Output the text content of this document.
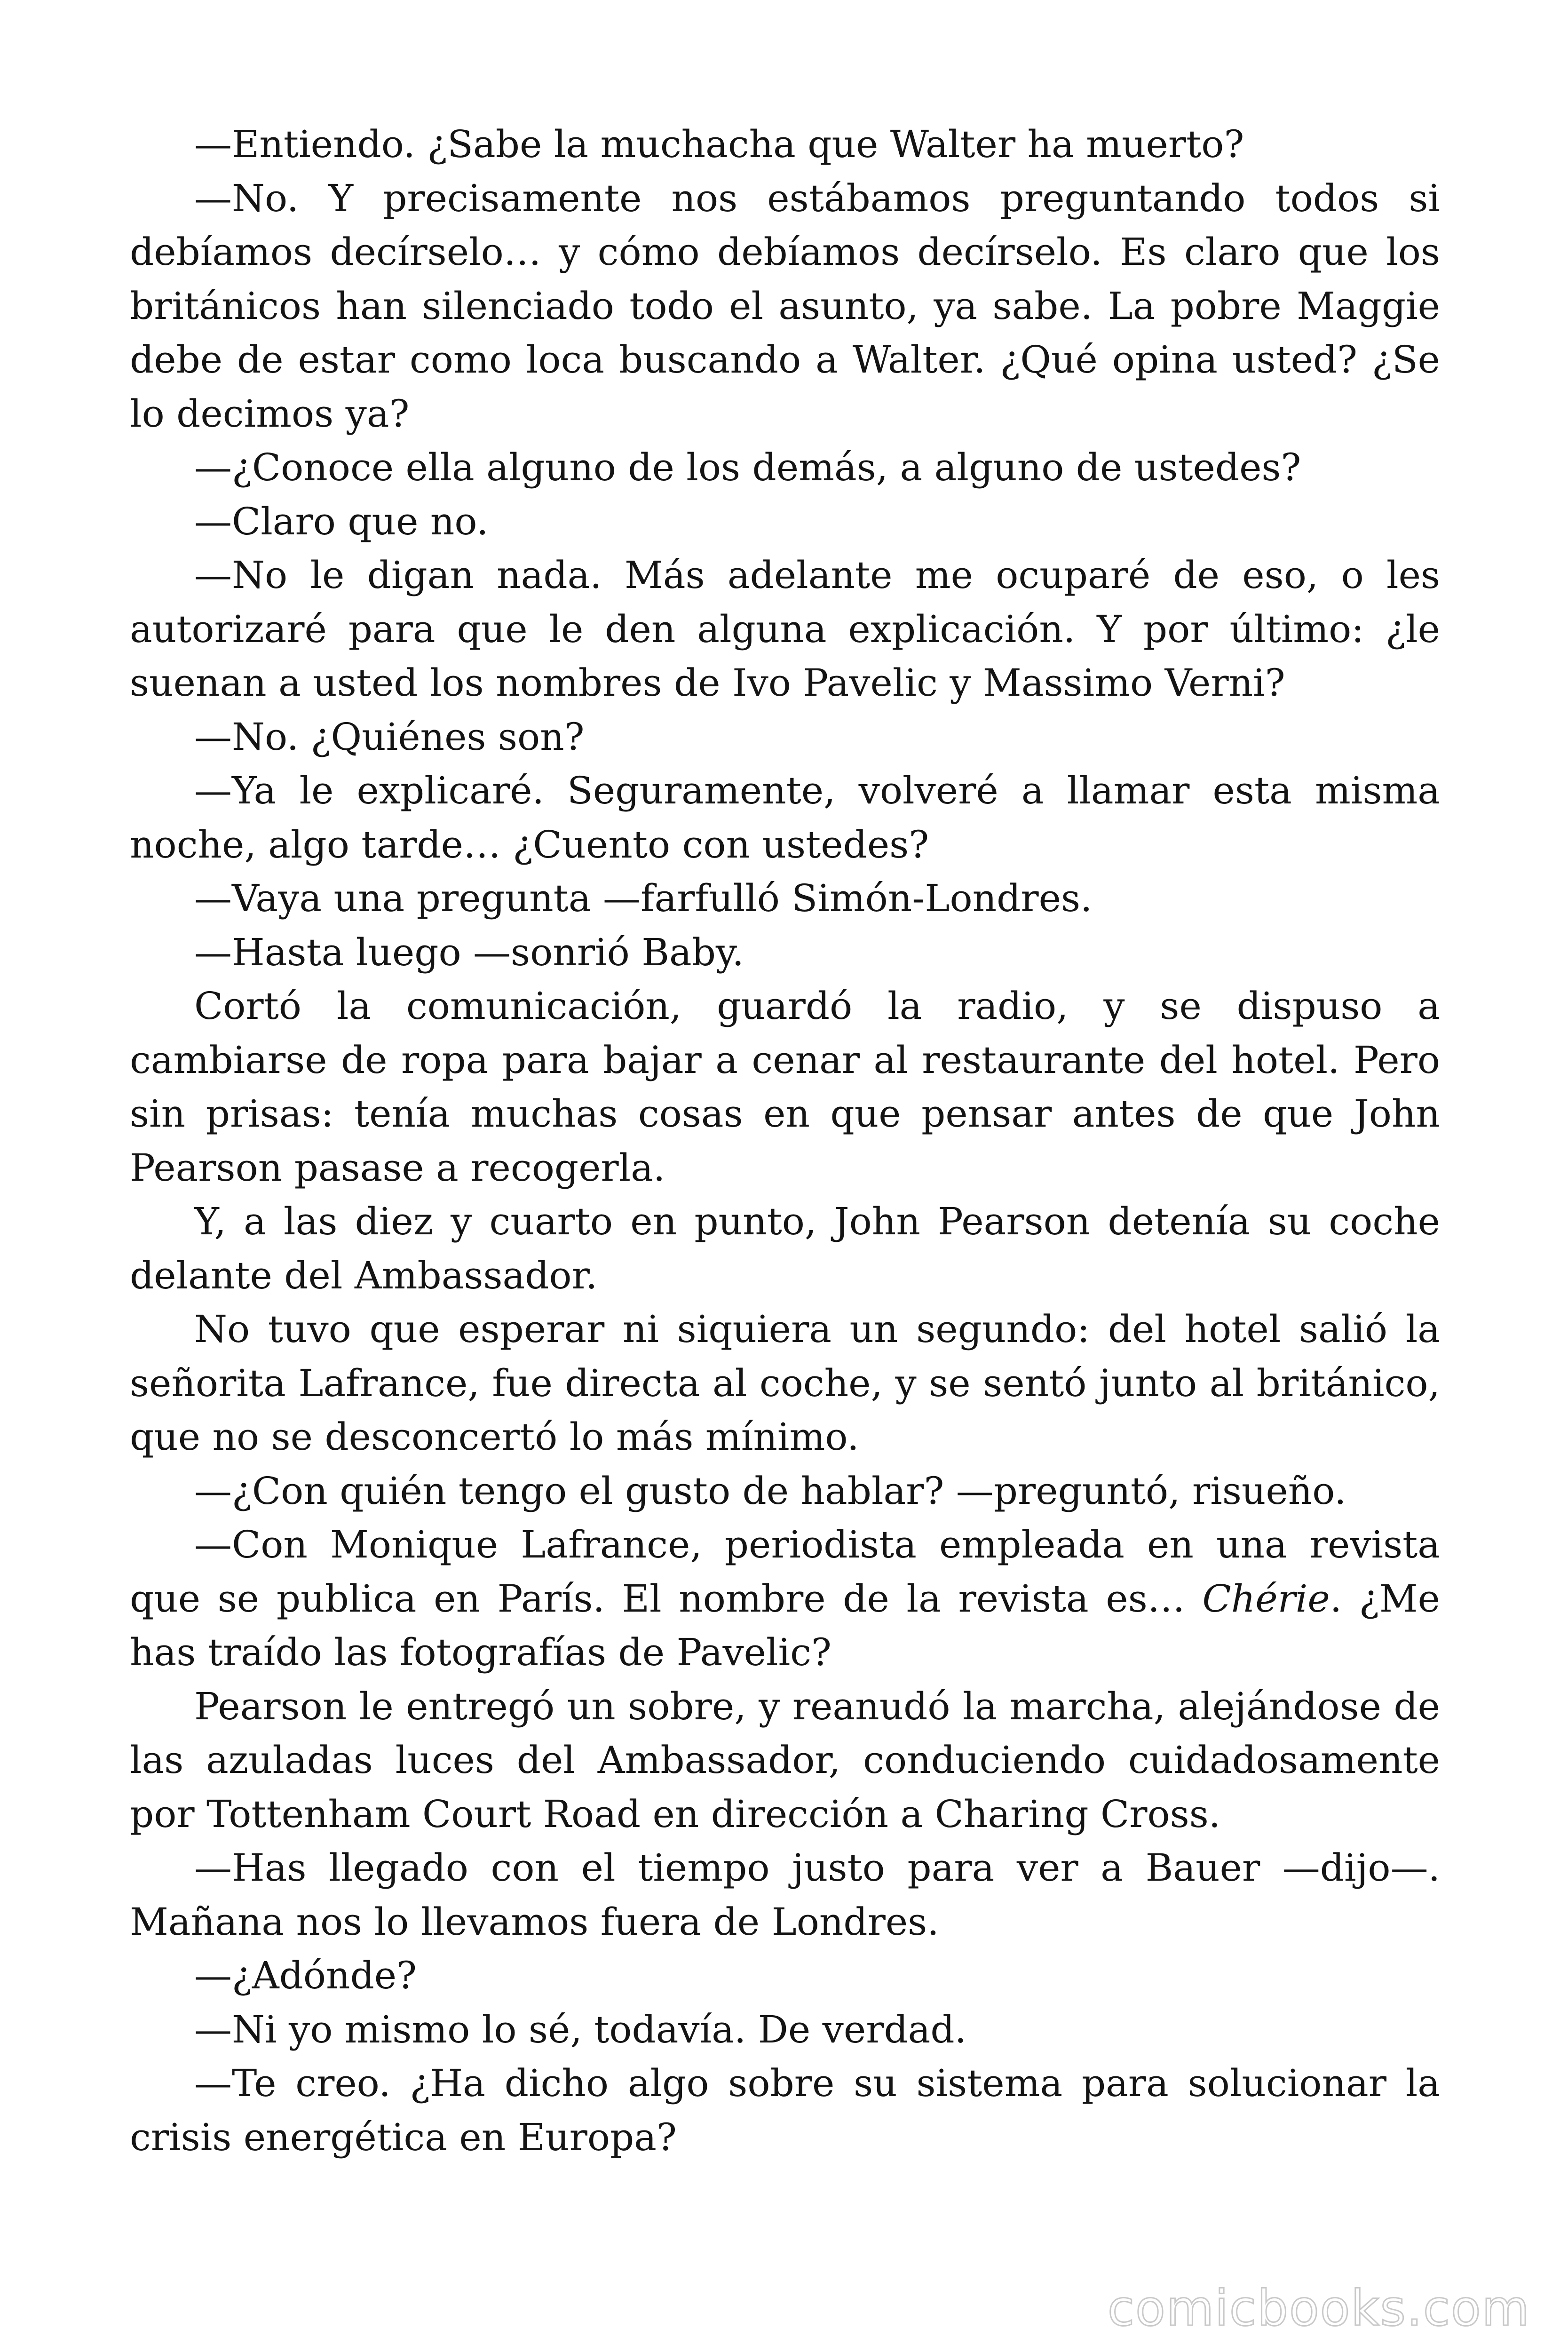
—Entiendo. ¿Sabe la muchacha que Walter ha muerto?

—No. Y precisamente nos estábamos preguntando todos si debíamos decírselo… y cómo debíamos decírselo. Es claro que los británicos han silenciado todo el asunto, ya sabe. La pobre Maggie debe de estar como loca buscando a Walter. ¿Qué opina usted? ¿Se lo decimos ya?

—¿Conoce ella alguno de los demás, a alguno de ustedes?

—Claro que no.

—No le digan nada. Más adelante me ocuparé de eso, o les autorizaré para que le den alguna explicación. Y por último: ¿le suenan a usted los nombres de Ivo Pavelic y Massimo Verni?

—No. ¿Quiénes son?

—Ya le explicaré. Seguramente, volveré a llamar esta misma noche, algo tarde… ¿Cuento con ustedes?

—Vaya una pregunta —farfulló Simón-Londres.

—Hasta luego —sonrió Baby.

Cortó la comunicación, guardó la radio, y se dispuso a cambiarse de ropa para bajar a cenar al restaurante del hotel. Pero sin prisas: tenía muchas cosas en que pensar antes de que John Pearson pasase a recogerla.

Y, a las diez y cuarto en punto, John Pearson detenía su coche delante del Ambassador.

No tuvo que esperar ni siquiera un segundo: del hotel salió la señorita Lafrance, fue directa al coche, y se sentó junto al británico, que no se desconcertó lo más mínimo.

—¿Con quién tengo el gusto de hablar? —preguntó, risueño.

—Con Monique Lafrance, periodista empleada en una revista que se publica en París. El nombre de la revista es… Chérie. ¿Me has traído las fotografías de Pavelic?

Pearson le entregó un sobre, y reanudó la marcha, alejándose de las azuladas luces del Ambassador, conduciendo cuidadosamente por Tottenham Court Road en dirección a Charing Cross.

—Has llegado con el tiempo justo para ver a Bauer —dijo—. Mañana nos lo llevamos fuera de Londres.

—¿Adónde?

—Ni yo mismo lo sé, todavía. De verdad.

—Te creo. ¿Ha dicho algo sobre su sistema para solucionar la crisis energética en Europa?

comicbooks.com
